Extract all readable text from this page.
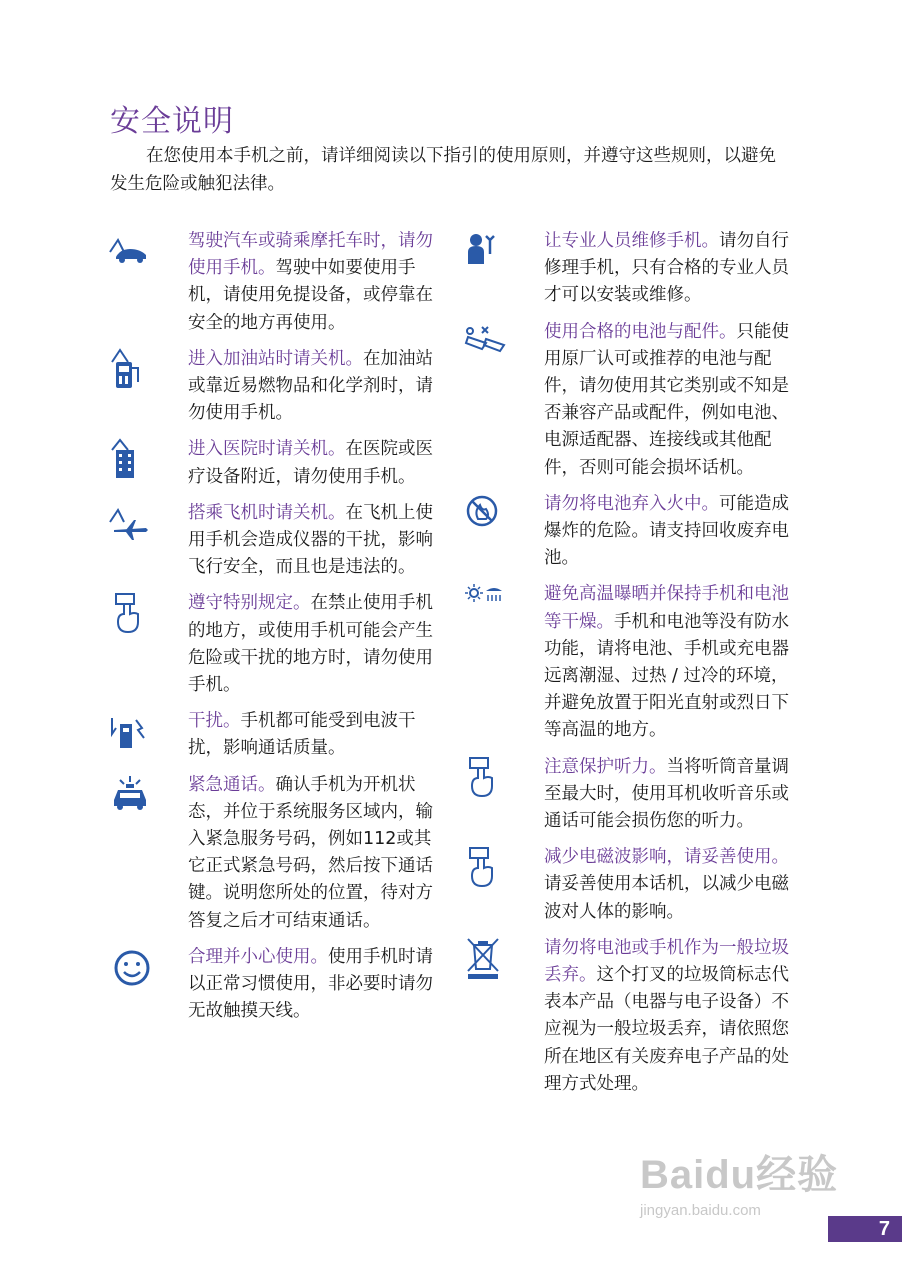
安全说明
在您使用本手机之前，请详细阅读以下指引的使用原则，并遵守这些规则，以避免发生危险或触犯法律。
驾驶汽车或骑乘摩托车时，请勿使用手机。驾驶中如要使用手机，请使用免提设备，或停靠在安全的地方再使用。
进入加油站时请关机。在加油站或靠近易燃物品和化学剂时，请勿使用手机。
进入医院时请关机。在医院或医疗设备附近，请勿使用手机。
搭乘飞机时请关机。在飞机上使用手机会造成仪器的干扰，影响飞行安全，而且也是违法的。
遵守特别规定。在禁止使用手机的地方，或使用手机可能会产生危险或干扰的地方时，请勿使用手机。
干扰。手机都可能受到电波干扰，影响通话质量。
紧急通话。确认手机为开机状态，并位于系统服务区域内，输入紧急服务号码，例如112或其它正式紧急号码，然后按下通话键。说明您所处的位置，待对方答复之后才可结束通话。
合理并小心使用。使用手机时请以正常习惯使用，非必要时请勿无故触摸天线。
让专业人员维修手机。请勿自行修理手机，只有合格的专业人员才可以安装或维修。
使用合格的电池与配件。只能使用原厂认可或推荐的电池与配件，请勿使用其它类别或不知是否兼容产品或配件，例如电池、电源适配器、连接线或其他配件，否则可能会损坏话机。
请勿将电池弃入火中。可能造成爆炸的危险。请支持回收废弃电池。
避免高温曝晒并保持手机和电池等干燥。手机和电池等没有防水功能，请将电池、手机或充电器远离潮湿、过热 / 过冷的环境，并避免放置于阳光直射或烈日下等高温的地方。
注意保护听力。当将听筒音量调至最大时，使用耳机收听音乐或通话可能会损伤您的听力。
减少电磁波影响，请妥善使用。请妥善使用本话机，以减少电磁波对人体的影响。
请勿将电池或手机作为一般垃圾丢弃。这个打叉的垃圾筒标志代表本产品（电器与电子设备）不应视为一般垃圾丢弃，请依照您所在地区有关废弃电子产品的处理方式处理。
Baidu经验
jingyan.baidu.com
7
